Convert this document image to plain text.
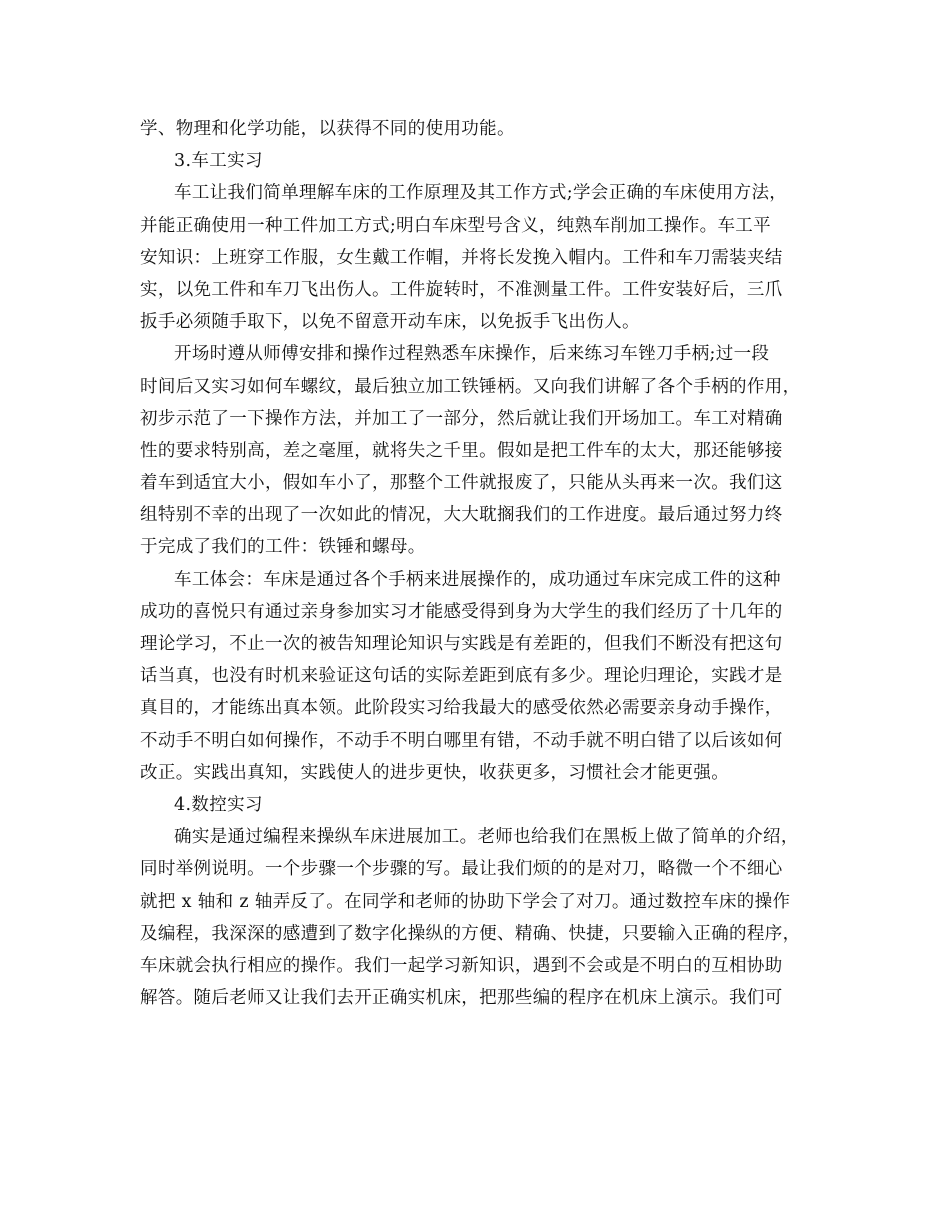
学、物理和化学功能，以获得不同的使用功能。
3.车工实习
车工让我们简单理解车床的工作原理及其工作方式;学会正确的车床使用方法，
并能正确使用一种工件加工方式;明白车床型号含义，纯熟车削加工操作。车工平
安知识：上班穿工作服，女生戴工作帽，并将长发挽入帽内。工件和车刀需装夹结
实，以免工件和车刀飞出伤人。工件旋转时，不准测量工件。工件安装好后，三爪
扳手必须随手取下，以免不留意开动车床，以免扳手飞出伤人。
开场时遵从师傅安排和操作过程熟悉车床操作，后来练习车锉刀手柄;过一段
时间后又实习如何车螺纹，最后独立加工铁锤柄。又向我们讲解了各个手柄的作用，
初步示范了一下操作方法，并加工了一部分，然后就让我们开场加工。车工对精确
性的要求特别高，差之毫厘，就将失之千里。假如是把工件车的太大，那还能够接
着车到适宜大小，假如车小了，那整个工件就报废了，只能从头再来一次。我们这
组特别不幸的出现了一次如此的情况，大大耽搁我们的工作进度。最后通过努力终
于完成了我们的工件：铁锤和螺母。
车工体会：车床是通过各个手柄来进展操作的，成功通过车床完成工件的这种
成功的喜悦只有通过亲身参加实习才能感受得到身为大学生的我们经历了十几年的
理论学习，不止一次的被告知理论知识与实践是有差距的，但我们不断没有把这句
话当真，也没有时机来验证这句话的实际差距到底有多少。理论归理论，实践才是
真目的，才能练出真本领。此阶段实习给我最大的感受依然必需要亲身动手操作，
不动手不明白如何操作，不动手不明白哪里有错，不动手就不明白错了以后该如何
改正。实践出真知，实践使人的进步更快，收获更多，习惯社会才能更强。
4.数控实习
确实是通过编程来操纵车床进展加工。老师也给我们在黑板上做了简单的介绍，
同时举例说明。一个步骤一个步骤的写。最让我们烦的的是对刀，略微一个不细心
就把 x 轴和 z 轴弄反了。在同学和老师的协助下学会了对刀。通过数控车床的操作
及编程，我深深的感遭到了数字化操纵的方便、精确、快捷，只要输入正确的程序，
车床就会执行相应的操作。我们一起学习新知识，遇到不会或是不明白的互相协助
解答。随后老师又让我们去开正确实机床，把那些编的程序在机床上演示。我们可
